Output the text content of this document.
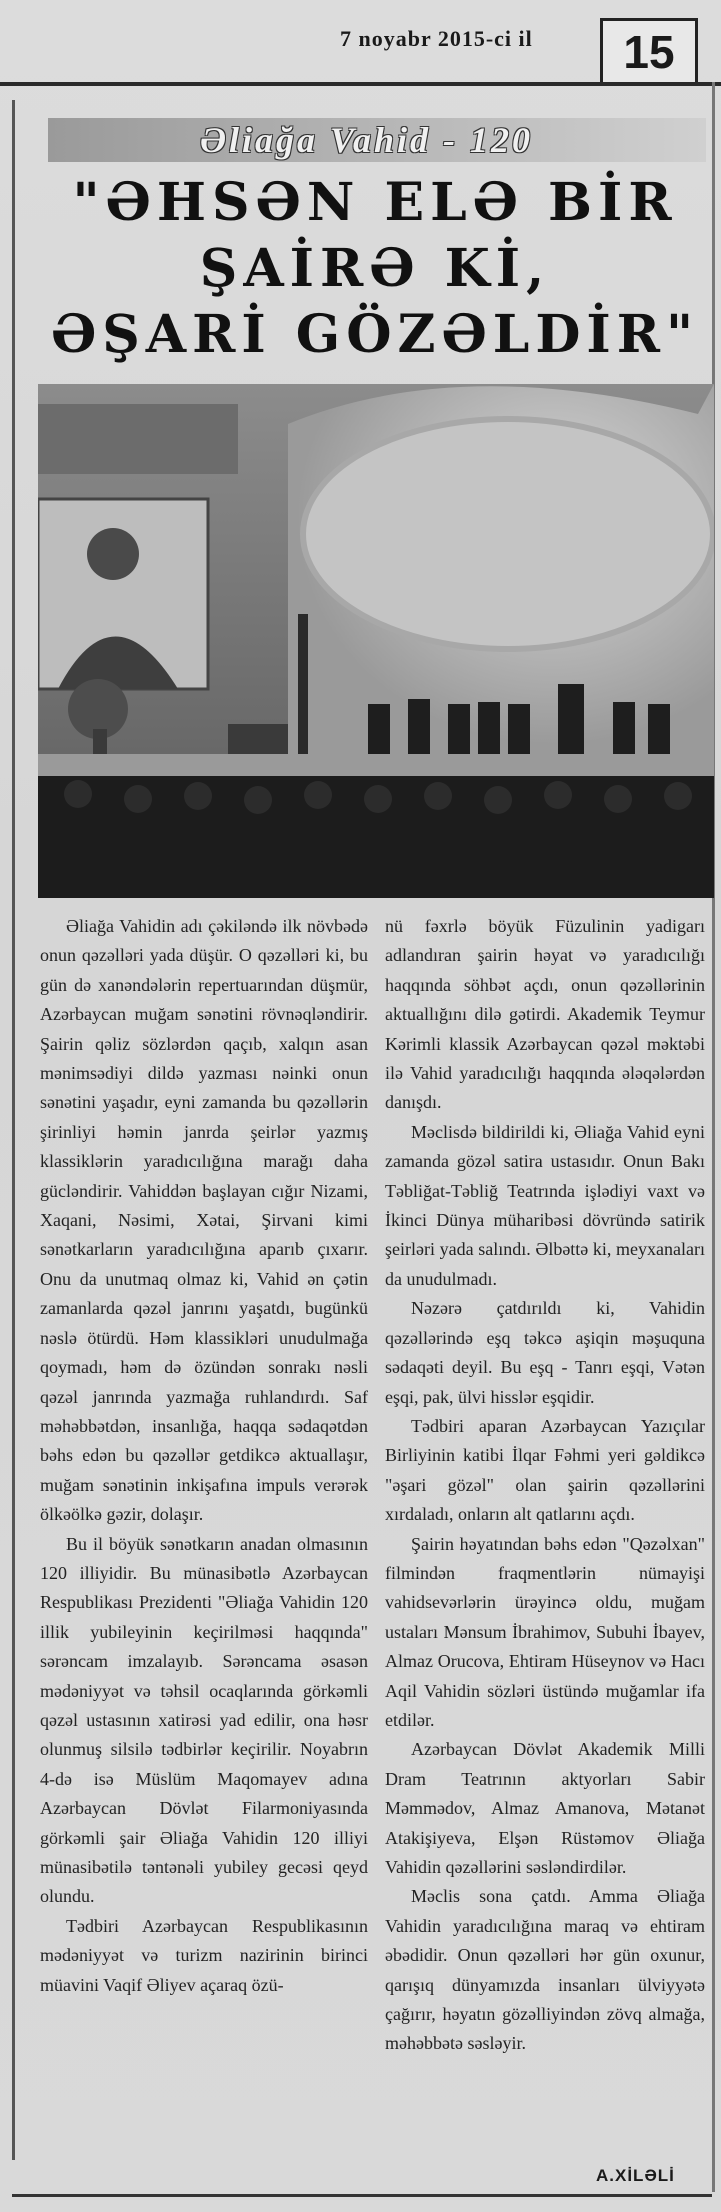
7 noyabr 2015-ci il	15
Əliağa Vahid - 120
"ƏHSƏN ELƏ BİR
ŞAİRƏ Kİ,
ƏŞARİ GÖZƏLDİR"

Əliağa Vahidin adı çəkiləndə ilk növbədə onun qəzəlləri yada düşür. O qəzəlləri ki, bu gün də xanəndələrin repertuarından düşmür, Azərbaycan muğam sənətini rövnəqləndirir. Şairin qəliz sözlərdən qaçıb, xalqın asan mənimsədiyi dildə yazması nəinki onun sənətini yaşadır, eyni zamanda bu qəzəllərin şirinliyi həmin janrda şeirlər yazmış klassiklərin yaradıcılığına marağı daha gücləndirir. Vahiddən başlayan cığır Nizami, Xaqani, Nəsimi, Xətai, Şirvani kimi sənətkarların yaradıcılığına aparıb çıxarır. Onu da unutmaq olmaz ki, Vahid ən çətin zamanlarda qəzəl janrını yaşatdı, bugünkü nəslə ötürdü. Həm klassikləri unudulmağa qoymadı, həm də özündən sonrakı nəsli qəzəl janrında yazmağa ruhlandırdı. Saf məhəbbətdən, insanlığa, haqqa sədaqətdən bəhs edən bu qəzəllər getdikcə aktuallaşır, muğam sənətinin inkişafına impuls verərək ölkəölkə gəzir, dolaşır.

Bu il böyük sənətkarın anadan olmasının 120 illiyidir. Bu münasibətlə Azərbaycan Respublikası Prezidenti "Əliağa Vahidin 120 illik yubileyinin keçirilməsi haqqında" sərəncam imzalayıb. Sərəncama əsasən mədəniyyət və təhsil ocaqlarında görkəmli qəzəl ustasının xatirəsi yad edilir, ona həsr olunmuş silsilə tədbirlər keçirilir. Noyabrın 4-də isə Müslüm Maqomayev adına Azərbaycan Dövlət Filarmoniyasında görkəmli şair Əliağa Vahidin 120 illiyi münasibətilə təntənəli yubiley gecəsi qeyd olundu.

Tədbiri Azərbaycan Respublikasının mədəniyyət və turizm nazirinin birinci müavini Vaqif Əliyev açaraq özü-

nü fəxrlə böyük Füzulinin yadigarı adlandıran şairin həyat və yaradıcılığı haqqında söhbət açdı, onun qəzəllərinin aktuallığını dilə gətirdi. Akademik Teymur Kərimli klassik Azərbaycan qəzəl məktəbi ilə Vahid yaradıcılığı haqqında ələqələrdən danışdı.

Məclisdə bildirildi ki, Əliağa Vahid eyni zamanda gözəl satira ustasıdır. Onun Bakı Təbliğat-Təbliğ Teatrında işlədiyi vaxt və İkinci Dünya müharibəsi dövründə satirik şeirləri yada salındı. Əlbəttə ki, meyxanaları da unudulmadı.

Nəzərə çatdırıldı ki, Vahidin qəzəllərində eşq təkcə aşiqin məşuquna sədaqəti deyil. Bu eşq - Tanrı eşqi, Vətən eşqi, pak, ülvi hisslər eşqidir.

Tədbiri aparan Azərbaycan Yazıçılar Birliyinin katibi İlqar Fəhmi yeri gəldikcə "əşari gözəl" olan şairin qəzəllərini xırdaladı, onların alt qatlarını açdı.

Şairin həyatından bəhs edən "Qəzəlxan" filmindən fraqmentlərin nümayişi vahidsevərlərin ürəyincə oldu, muğam ustaları Mənsum İbrahimov, Subuhi İbayev, Almaz Orucova, Ehtiram Hüseynov və Hacı Aqil Vahidin sözləri üstündə muğamlar ifa etdilər.

Azərbaycan Dövlət Akademik Milli Dram Teatrının aktyorları Sabir Məmmədov, Almaz Amanova, Mətanət Atakişiyeva, Elşən Rüstəmov Əliağa Vahidin qəzəllərini səsləndirdilər.

Məclis sona çatdı. Amma Əliağa Vahidin yaradıcılığına maraq və ehtiram əbədidir. Onun qəzəlləri hər gün oxunur, qarışıq dünyamızda insanları ülviyyətə çağırır, həyatın gözəlliyindən zövq almağa, məhəbbətə səsləyir.

A.XİLƏLİ
